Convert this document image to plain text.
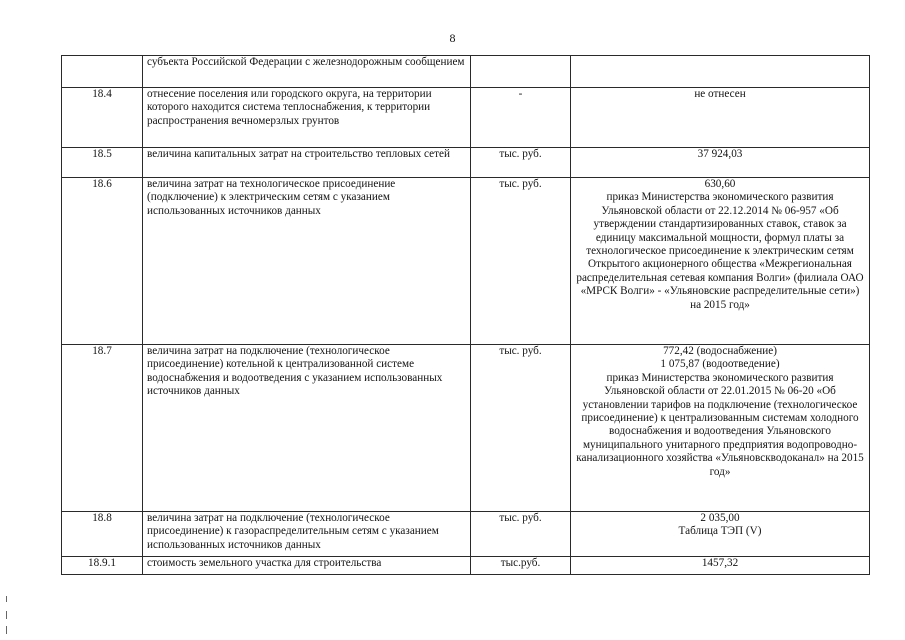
8
	субъекта Российской Федерации с железнодорожным сообщением		

18.4	отнесение поселения или городского округа, на территории которого находится система теплоснабжения, к территории распространения вечномерзлых грунтов	-	не отнесен

18.5	величина капитальных затрат на строительство тепловых сетей	тыс. руб.	37 924,03

18.6	величина затрат на технологическое присоединение (подключение) к электрическим сетям с указанием использованных источников данных	тыс. руб.	630,60
приказ Министерства экономического развития Ульяновской области от 22.12.2014 № 06-957 «Об утверждении стандартизированных ставок, ставок за единицу максимальной мощности, формул платы за технологическое присоединение к электрическим сетям Открытого акционерного общества «Межрегиональная распределительная сетевая компания Волги» (филиала ОАО «МРСК Волги» - «Ульяновские распределительные сети») на 2015 год»

18.7	величина затрат на подключение (технологическое присоединение) котельной к централизованной системе водоснабжения и водоотведения с указанием использованных источников данных	тыс. руб.	772,42 (водоснабжение)
1 075,87 (водоотведение)
приказ Министерства экономического развития Ульяновской области от 22.01.2015 № 06-20 «Об установлении тарифов на подключение (технологическое присоединение) к централизованным системам холодного водоснабжения и водоотведения Ульяновского муниципального унитарного предприятия водопроводно-канализационного хозяйства «Ульяновскводоканал» на 2015 год»

18.8	величина затрат на подключение (технологическое присоединение) к газораспределительным сетям с указанием использованных источников данных	тыс. руб.	2 035,00
Таблица ТЭП (V)

18.9.1	стоимость земельного участка для строительства	тыс.руб.	1457,32
